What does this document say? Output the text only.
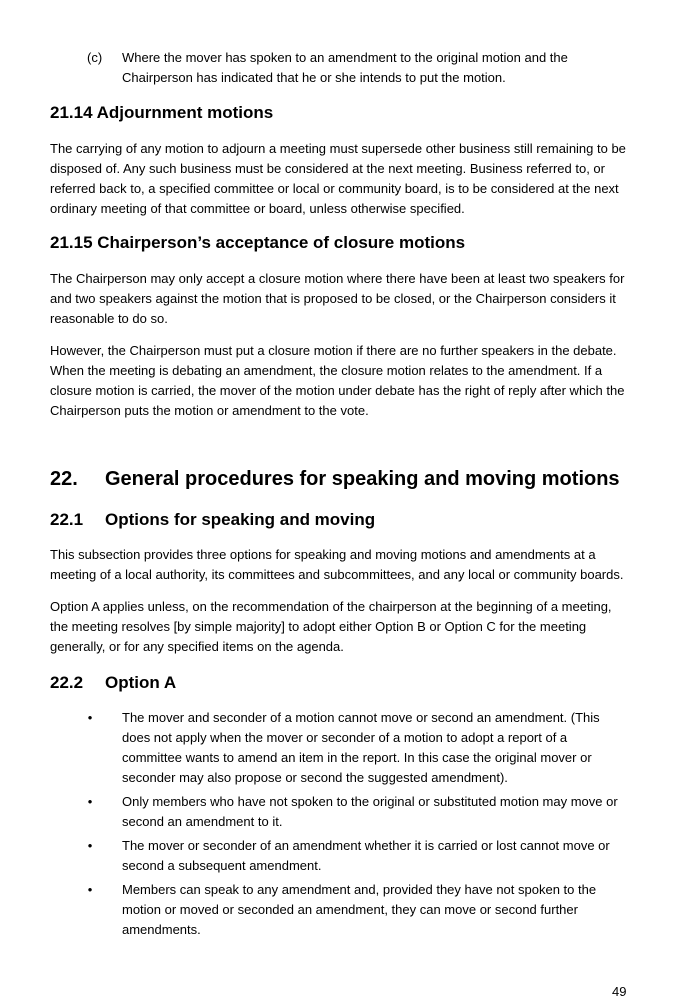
(c) Where the mover has spoken to an amendment to the original motion and the Chairperson has indicated that he or she intends to put the motion.

21.14 Adjournment motions

The carrying of any motion to adjourn a meeting must supersede other business still remaining to be disposed of. Any such business must be considered at the next meeting. Business referred to, or referred back to, a specified committee or local or community board, is to be considered at the next ordinary meeting of that committee or board, unless otherwise specified.

21.15 Chairperson’s acceptance of closure motions

The Chairperson may only accept a closure motion where there have been at least two speakers for and two speakers against the motion that is proposed to be closed, or the Chairperson considers it reasonable to do so.

However, the Chairperson must put a closure motion if there are no further speakers in the debate. When the meeting is debating an amendment, the closure motion relates to the amendment. If a closure motion is carried, the mover of the motion under debate has the right of reply after which the Chairperson puts the motion or amendment to the vote.

22. General procedures for speaking and moving motions
22.1 Options for speaking and moving

This subsection provides three options for speaking and moving motions and amendments at a meeting of a local authority, its committees and subcommittees, and any local or community boards.

Option A applies unless, on the recommendation of the chairperson at the beginning of a meeting, the meeting resolves [by simple majority] to adopt either Option B or Option C for the meeting generally, or for any specified items on the agenda.

22.2 Option A
• The mover and seconder of a motion cannot move or second an amendment. (This does not apply when the mover or seconder of a motion to adopt a report of a committee wants to amend an item in the report. In this case the original mover or seconder may also propose or second the suggested amendment).

• Only members who have not spoken to the original or substituted motion may move or second an amendment to it.

• The mover or seconder of an amendment whether it is carried or lost cannot move or second a subsequent amendment.

• Members can speak to any amendment and, provided they have not spoken to the motion or moved or seconded an amendment, they can move or second further amendments.

49
